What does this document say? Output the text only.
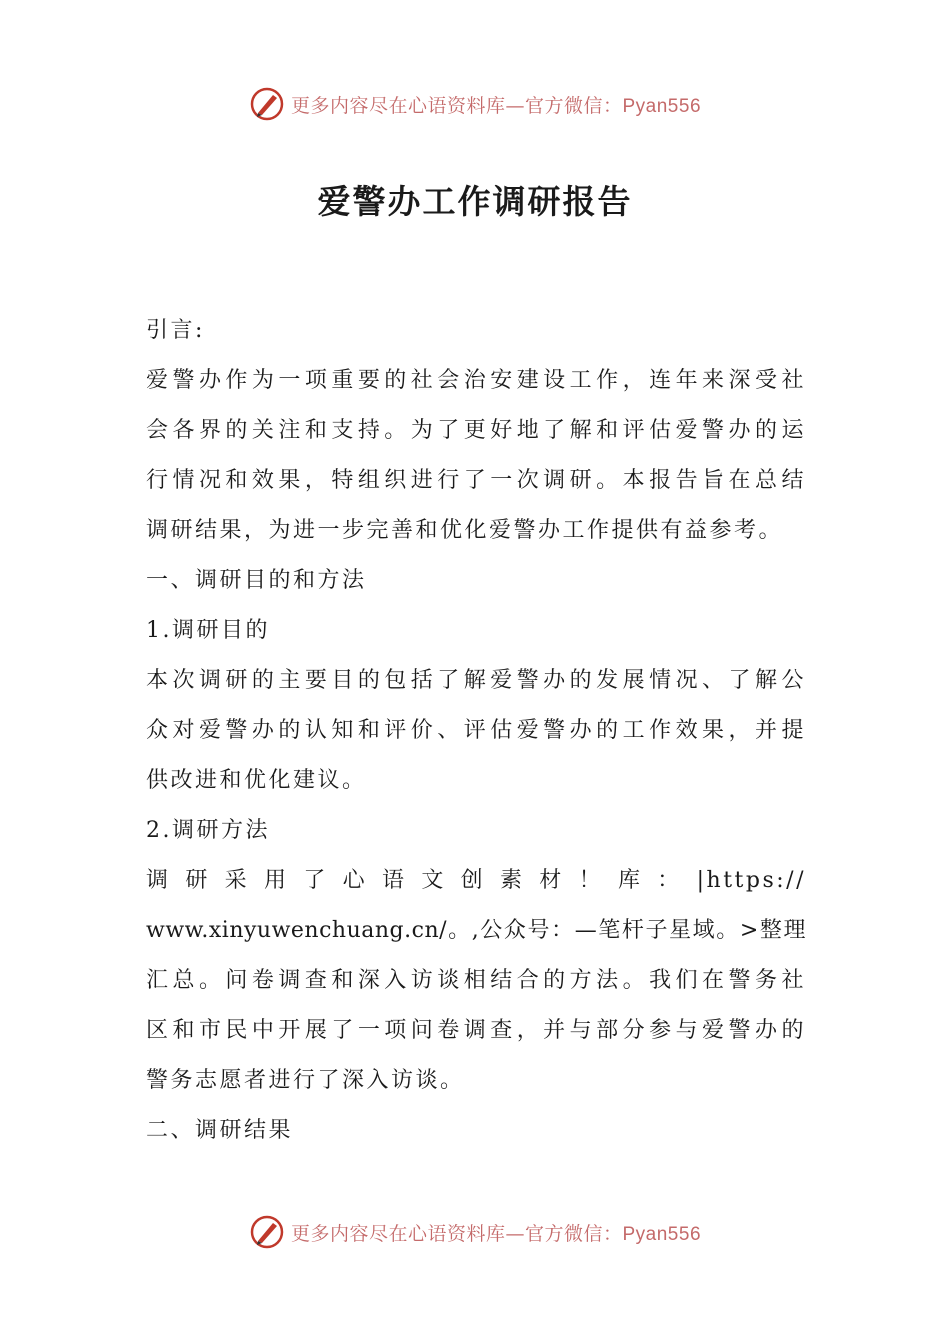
更多内容尽在心语资料库—官方微信：Pyan556
爱警办工作调研报告

引言:

爱警办作为一项重要的社会治安建设工作，连年来深受社

会各界的关注和支持。为了更好地了解和评估爱警办的运

行情况和效果，特组织进行了一次调研。本报告旨在总结

调研结果，为进一步完善和优化爱警办工作提供有益参考。

一、调研目的和方法

1.调研目的

本次调研的主要目的包括了解爱警办的发展情况、了解公

众对爱警办的认知和评价、评估爱警办的工作效果，并提

供改进和优化建议。

2.调研方法

调研采用了心语文创素材！库：|https://

www.xinyuwenchuang.cn/。,公众号：—笔杆子星域。>整理

汇总。问卷调查和深入访谈相结合的方法。我们在警务社

区和市民中开展了一项问卷调查，并与部分参与爱警办的

警务志愿者进行了深入访谈。

二、调研结果

更多内容尽在心语资料库—官方微信：Pyan556
